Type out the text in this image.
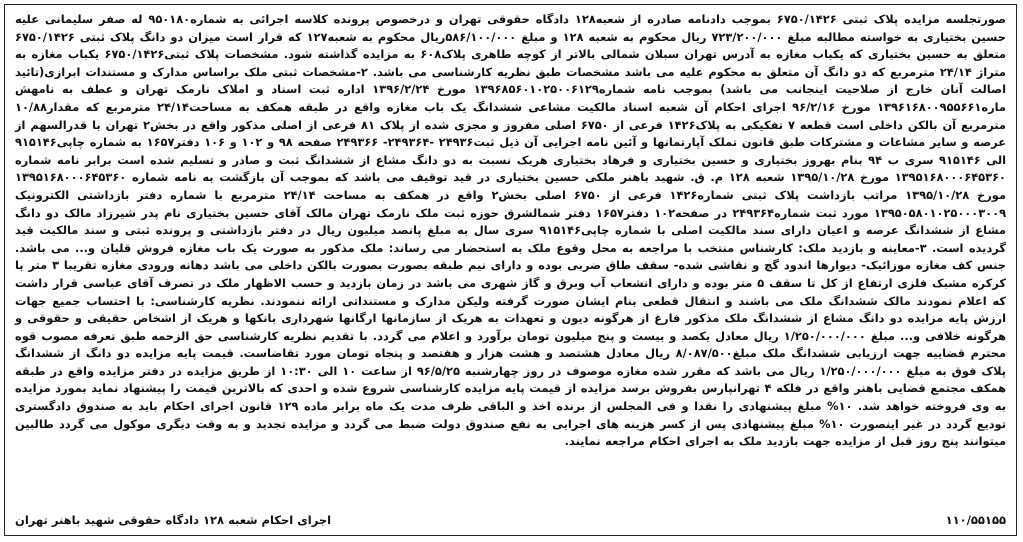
صورتجلسه مزایده پلاک ثبتی ۶۷۵۰/۱۴۲۶ بموجب دادنامه صادره از شعبه۱۲۸ دادگاه حقوقی تهران و درخصوص پرونده کلاسه اجرائی به شماره۹۵۰۱۸۰ له صفر سلیمانی علیه حسین بختیاری به خواسته مطالبه مبلغ ۷۲۳/۲۰۰/۰۰۰ ریال محکوم به شعبه ۱۲۸ و مبلغ ۵۸۶/۱۰۰/۰۰۰ریال محکوم به شعبه۱۲۷ که قرار است میزان دو دانگ پلاک ثبتی ۶۷۵۰/۱۴۲۶ متعلق به حسین بختیاری که یکباب مغازه به آدرس تهران سبلان شمالی بالاتر از کوچه طاهری پلاک۶۰۸ به مزایده گذاشته شود. مشخصات پلاک ثبتی۶۷۵۰/۱۴۲۶ یکباب مغازه به متراژ ۲۴/۱۴ مترمربع که دو دانگ آن متعلق به محکوم علیه می باشد مشخصات طبق نظریه کارشناسی می باشد. ۲-مشخصات ثبتی ملک براساس مدارک و مستندات ابرازی(تائید اصالت آنان خارج از صلاحیت اینجانب می باشد) بموجب نامه شماره۱۳۹۶۸۵۶۰۱۰۲۵۰۰۶۱۲۹ مورخ ۱۳۹۶/۲/۲۴ اداره ثبت اسناد و املاک نارمک تهران و عطف به نامهش ماره۱۳۹۶۱۶۸۰۰۹۵۵۶۶۱ مورخ ۹۶/۲/۱۶ اجرای احکام آن شعبه اسناد مالکیت مشاعی ششدانگ یک باب مغازه واقع در طبقه همکف به مساحت۲۴/۱۴ مترمربع که مقدار۱۰/۸۸ مترمربع آن بالکن داخلی است قطعه ۷ تفکیکی به پلاک۱۴۲۶ فرعی از ۶۷۵۰ اصلی مفروز و مجزی شده از پلاک ۸۱ فرعی از اصلی مذکور واقع در بخش۲ تهران با قدرالسهم از عرصه و سایر مشاعات و مشترکات طبق قانون تملک آپارتمانها و آئین نامه اجرایی آن ذیل ثبت۲۴۹۳۶ -۲۴۹۳۶۴- ۲۴۹۳۶۶ صفحه ۹۸ و ۱۰۲ و ۱۰۶ دفتر۱۶۵۷ به شماره چاپی۹۱۵۱۴۶ الی ۹۱۵۱۴۶ سری ب ۹۴ بنام بهروز بختیاری و حسین بختیاری و فرهاد بختیاری هریک نسبت به دو دانگ مشاع از ششدانگ ثبت و صادر و تسلیم شده است برابر نامه شماره ۱۳۹۵۱۶۸۰۰۰۶۴۵۳۶۰ مورخ ۱۳۹۵/۱۰/۲۸ شعبه ۱۲۸ م. ق. شهید باهنر ملکی حسین بختیاری در قید توقیف می باشد که بموجب آن بازگشت به نامه شماره ۱۳۹۵۱۶۸۰۰۰۶۴۵۳۶۰ مورخ ۱۳۹۵/۱۰/۲۸ مراتب بازداشت پلاک ثبتی شماره۱۴۲۶ فرعی از ۶۷۵۰ اصلی بخش۲ واقع در همکف به مساحت ۲۴/۱۴ مترمربع با شماره دفتر بازداشتی الکترونیک ۱۳۹۵۰۵۸۰۱۰۲۵۰۰۰۳۰۰۹ مورد ثبت شماره۲۴۹۳۶۴ در صفحه۱۰۲ دفتر۱۶۵۷ دفتر شمالشرق حوزه ثبت ملک نارمک تهران مالک آقای حسین بختیاری نام پدر شیرزاد مالک دو دانگ مشاع از ششدانگ عرصه و اعیان دارای سند مالکیت اصلی با شماره چاپی۹۱۵۱۴۶ سری سال به مبلغ پانصد میلیون ریال در دفتر بازداشتی و پرونده ثبتی و سند مالکیت قید گردیده است. ۳-معاینه و بازدید ملک: کارشناس منتخب با مراجعه به محل وقوع ملک به استحضار می رساند: ملک مذکور به صورت یک باب مغازه فروش قلیان و... می باشد. جنس کف مغازه موزائیک- دیوارها اندود گچ و نقاشی شده- سقف طاق ضربی بوده و دارای نیم طبقه بصورت بصورت بالکن داخلی می باشد دهانه ورودی مغازه تقریبا ۳ متر با کرکره مشبک فلزی ارتفاع از کل تا سقف ۵ متر بوده و دارای انشعاب آب وبرق و گاز شهری می باشد در زمان بازدید و حسب الاظهار ملک در تصرف آقای عباسی قرار داشت که اعلام نمودند مالک ششدانگ ملک می باشند و انتقال قطعی بنام ایشان صورت گرفته ولیکن مدارک و مستنداتی ارائه ننمودند. نظریه کارشناسی: با احتساب جمیع جهات ارزش پایه مزایده دو دانگ مشاع از ششدانگ ملک مذکور فارغ از هرگونه دیون و تعهدات به هریک از سازمانها ارگانها شهرداری بانکها و هریک از اشخاص حقیقی و حقوقی و هرگونه خلافی و... مبلغ ۱/۲۵۰/۰۰۰/۰۰۰ ریال معادل یکصد و بیست و پنج میلیون تومان برآورد و اعلام می گردد. با تقدیم نظریه کارشناسی حق الزحمه طبق تعرفه مصوب قوه محترم قضاییه جهت ارزیابی ششدانگ ملک مبلغ۸/۰۸۷/۵۰۰ ریال معادل هشتصد و هشت هزار و هفتصد و پنجاه تومان مورد تقاضاست. قیمت پایه مزایده دو دانگ از ششدانگ پلاک فوق به مبلغ ۱/۲۵۰/۰۰۰/۰۰۰ ریال می باشد که مقرر شده مغازه موصوف در روز چهارشنبه ۹۶/۵/۲۵ از ساعت ۱۰ الی ۱۰:۳۰ از طریق مزایده در دفتر مزایده واقع در طبقه همکف مجتمع قضایی باهنر واقع در فلکه ۴ تهرانپارس بفروش برسد مزایده از قیمت پایه مزایده کارشناسی شروع شده و احدی که بالاترین قیمت را پیشنهاد نماید بمورد مزایده به وی فروخته خواهد شد. ۱۰% مبلغ پیشنهادی را نقدا و فی المجلس از برنده اخذ و الباقی ظرف مدت یک ماه برابر ماده ۱۲۹ قانون اجرای احکام باید به صندوق دادگستری تودیع گردد در غیر اینصورت ۱۰% مبلغ پیشنهادی پس از کسر هزینه های اجرایی به نفع صندوق دولت ضبط می گردد و مزایده تجدید و به وقت دیگری موکول می گردد طالبین میتوانند پنج روز قبل از مزایده جهت بازدید ملک به اجرای احکام مراجعه نمایند.

۱۱۰/۵۵۱۵۵
اجرای احکام شعبه ۱۲۸ دادگاه حقوقی شهید باهنر تهران
